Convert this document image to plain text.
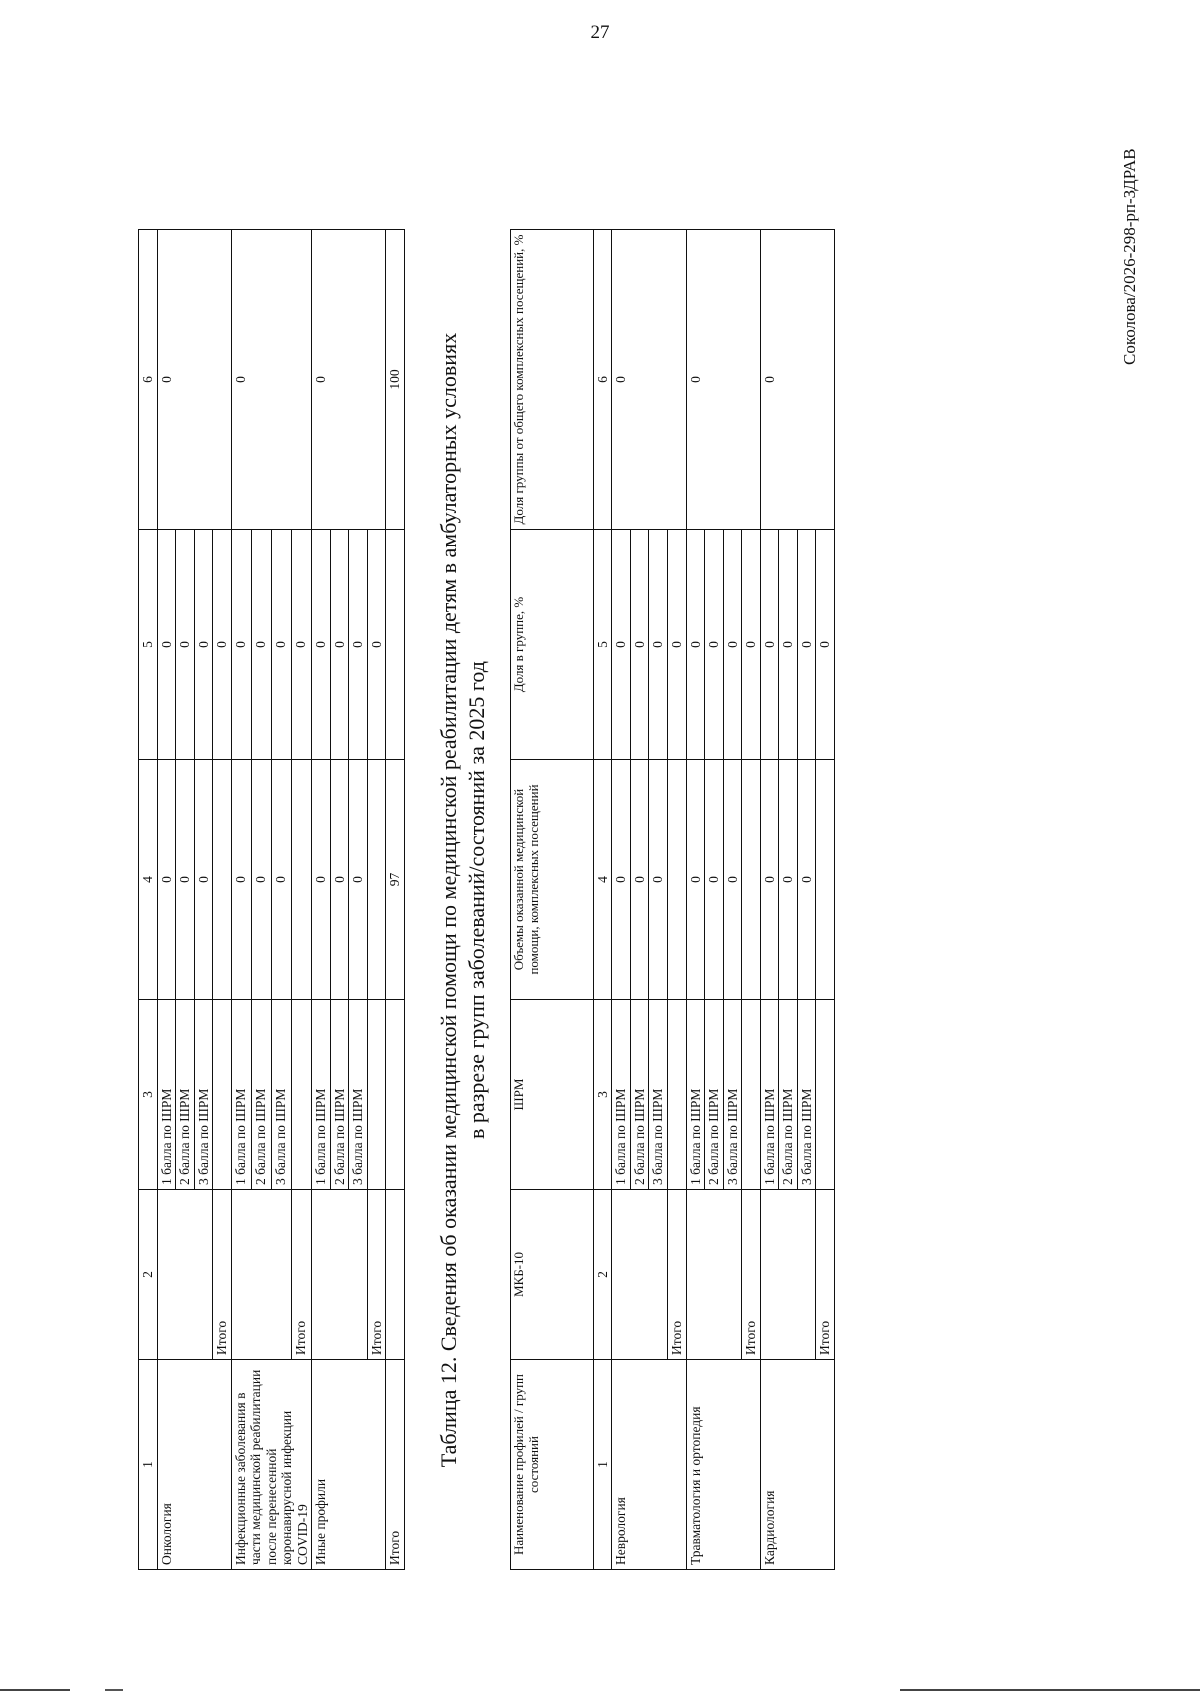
27
1	2	3	4	5	6
Онкология		1 балла по ШРМ	0	0	0
		2 балла по ШРМ	0	0	
		3 балла по ШРМ	0	0	
	Итого			0	
Инфекционные заболевания в части медицинской реабилитации после перенесенной коронавирусной инфекции COVID-19		1 балла по ШРМ	0	0	0
		2 балла по ШРМ	0	0	
		3 балла по ШРМ	0	0	
	Итого			0	
Иные профили		1 балла по ШРМ	0	0	0
		2 балла по ШРМ	0	0	
		3 балла по ШРМ	0	0	
	Итого			0	
Итого			97		100 Таблица 12. Сведения об оказании медицинской помощи по медицинской реабилитации детям в амбулаторных условиях в разрезе групп заболеваний/состояний за 2025 год
Наименование профилей / групп состояний	МКБ-10	ШРМ	Объемы оказанной медицинской помощи, комплексных посещений	Доля в группе, %	Доля группы от общего комплексных посещений, %
1	2	3	4	5	6
Неврология		1 балла по ШРМ	0	0	0
		2 балла по ШРМ	0	0	
		3 балла по ШРМ	0	0	
	Итого			0	
Травматология и ортопедия		1 балла по ШРМ	0	0	0
		2 балла по ШРМ	0	0	
		3 балла по ШРМ	0	0	
	Итого			0	
Кардиология		1 балла по ШРМ	0	0	0
		2 балла по ШРМ	0	0	
		3 балла по ШРМ	0	0	
	Итого			0	
Соколова/2026-298-рп-ЗДРАВ
